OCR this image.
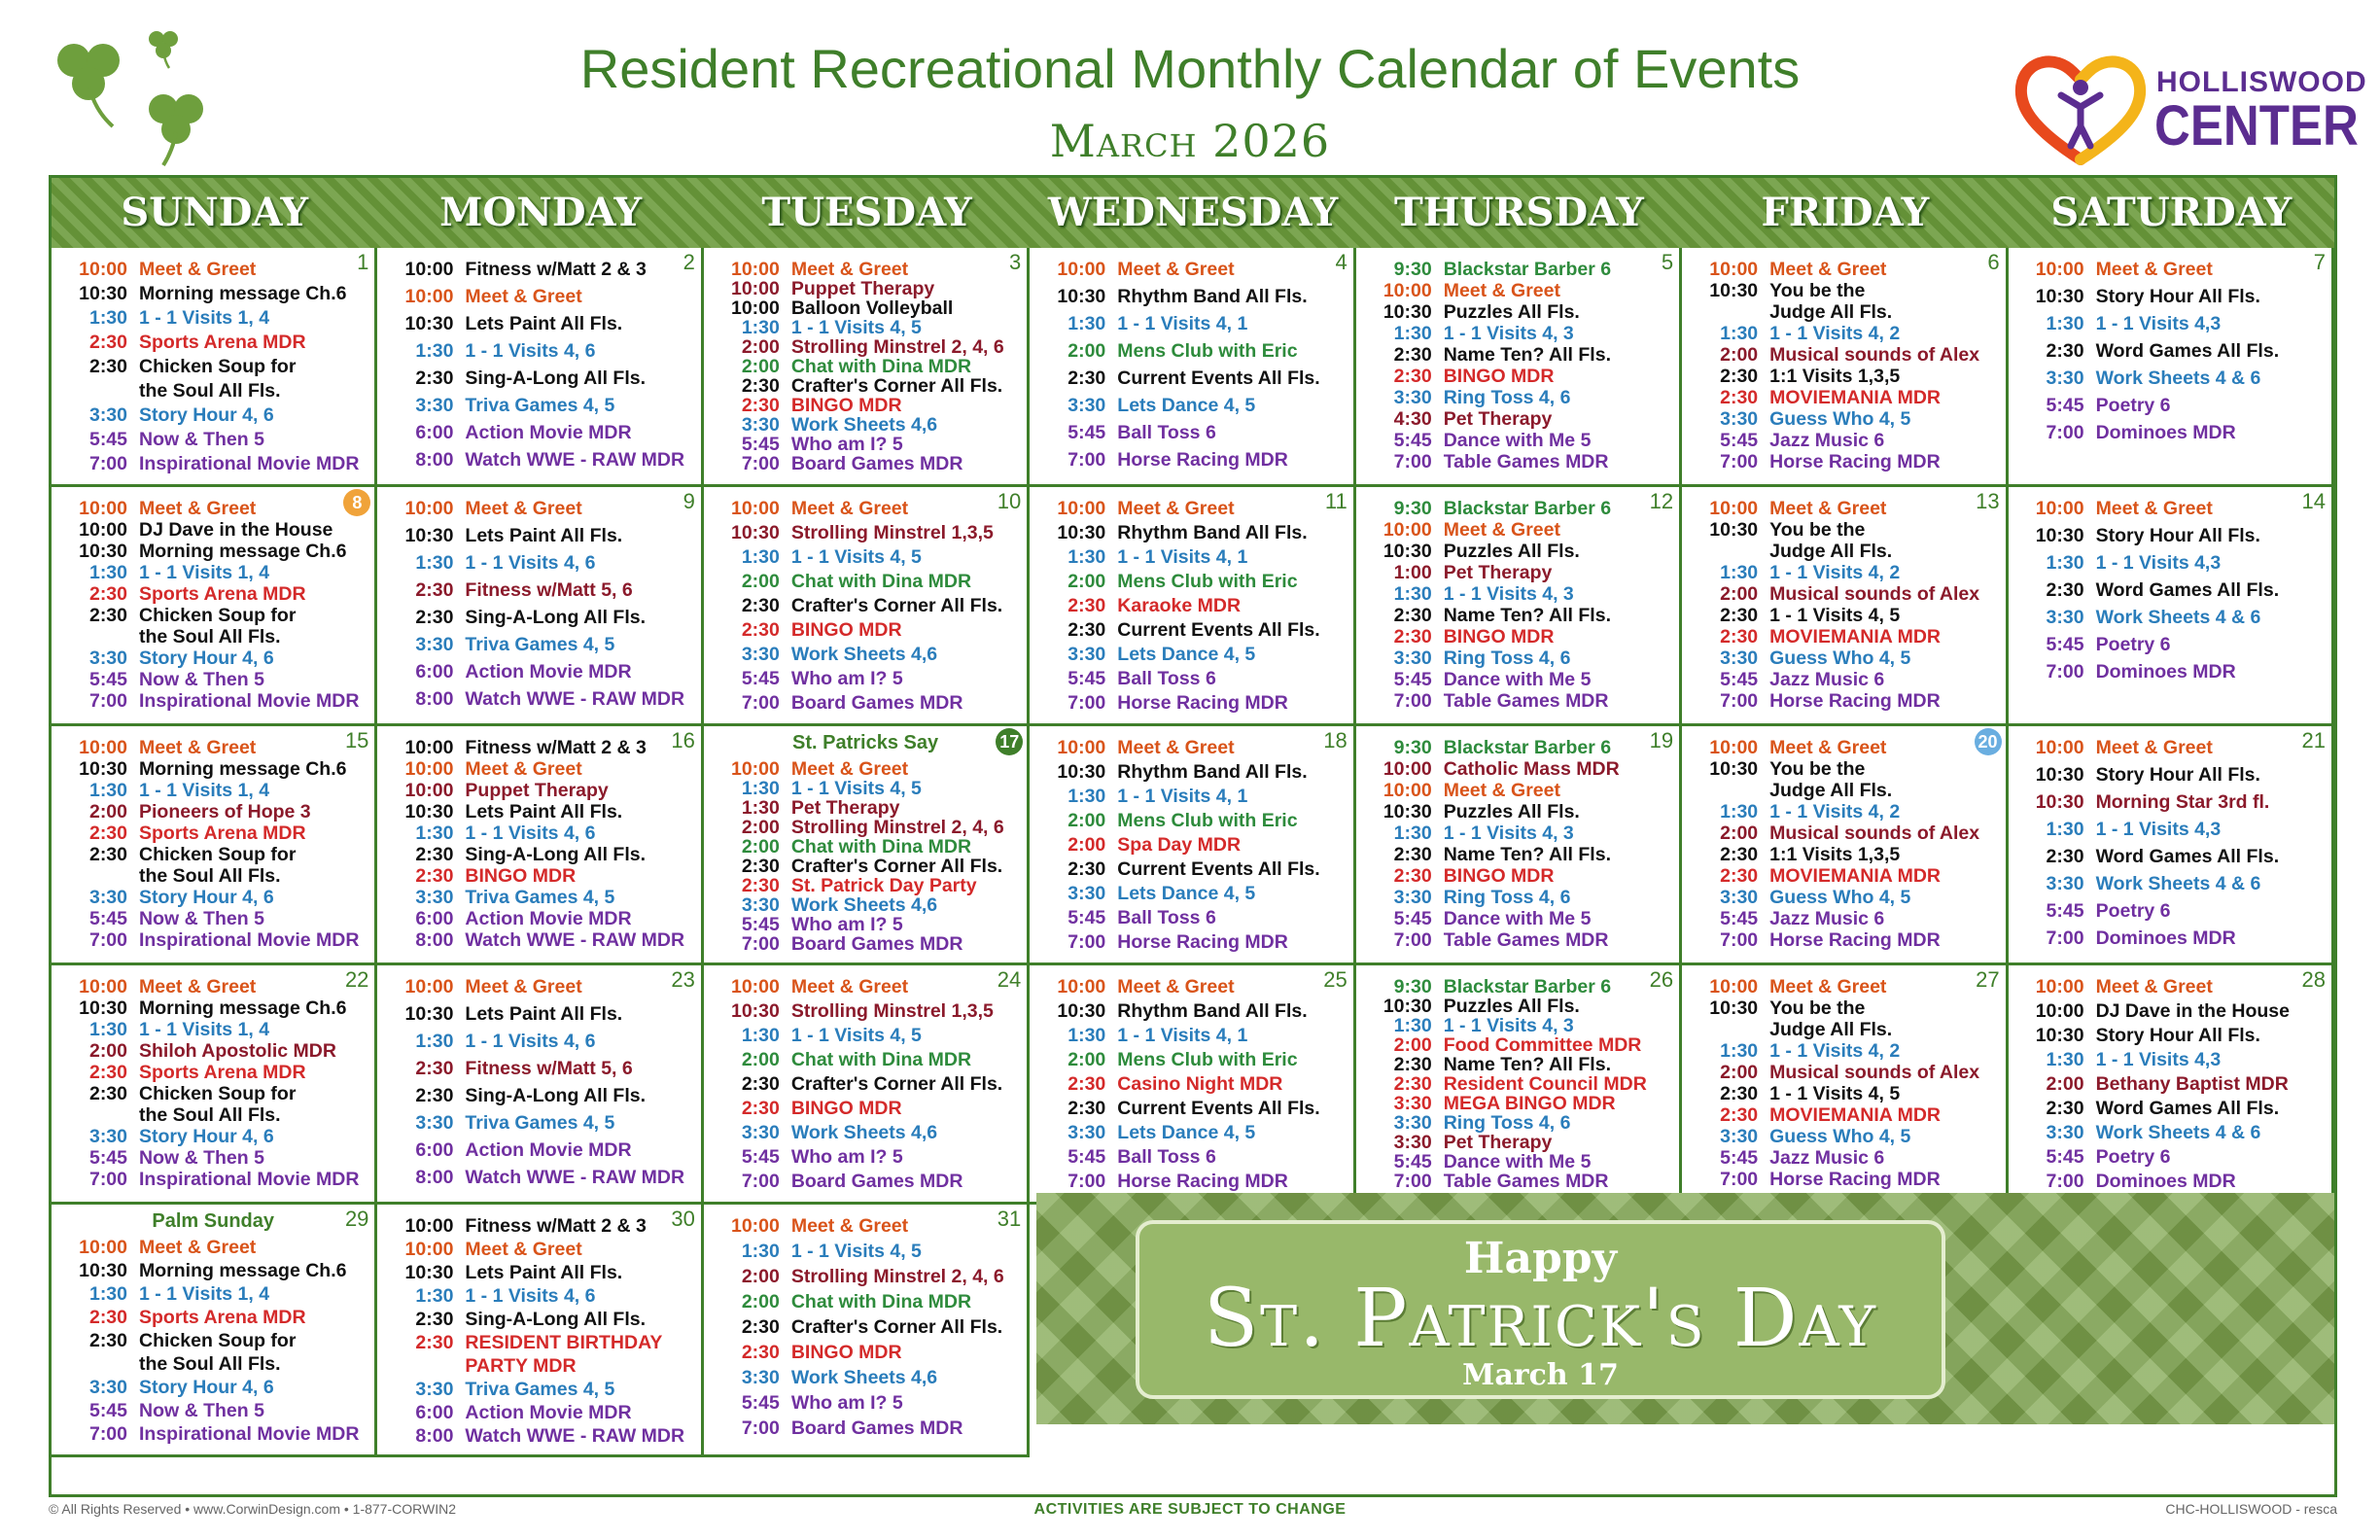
Resident Recreational Monthly Calendar of Events
March 2026
HOLLISWOOD
CENTER
SUNDAY	MONDAY	TUESDAY	WEDNESDAY	THURSDAY	FRIDAY	SATURDAY
1
10:00 Meet & Greet
10:30 Morning message Ch.6
1:30 1 - 1 Visits 1, 4
2:30 Sports Arena MDR
2:30 Chicken Soup for
the Soul All Fls.
3:30 Story Hour 4, 6
5:45 Now & Then 5
7:00 Inspirational Movie MDR
2
10:00 Fitness w/Matt 2 & 3
10:00 Meet & Greet
10:30 Lets Paint All Fls.
1:30 1 - 1 Visits 4, 6
2:30 Sing-A-Long All Fls.
3:30 Triva Games 4, 5
6:00 Action Movie MDR
8:00 Watch WWE - RAW MDR
3
10:00 Meet & Greet
10:00 Puppet Therapy
10:00 Balloon Volleyball
1:30 1 - 1 Visits 4, 5
2:00 Strolling Minstrel 2, 4, 6
2:00 Chat with Dina MDR
2:30 Crafter's Corner All Fls.
2:30 BINGO MDR
3:30 Work Sheets 4,6
5:45 Who am I? 5
7:00 Board Games MDR
4
10:00 Meet & Greet
10:30 Rhythm Band All Fls.
1:30 1 - 1 Visits 4, 1
2:00 Mens Club with Eric
2:30 Current Events All Fls.
3:30 Lets Dance 4, 5
5:45 Ball Toss 6
7:00 Horse Racing MDR
5
9:30 Blackstar Barber 6
10:00 Meet & Greet
10:30 Puzzles All Fls.
1:30 1 - 1 Visits 4, 3
2:30 Name Ten? All Fls.
2:30 BINGO MDR
3:30 Ring Toss 4, 6
4:30 Pet Therapy
5:45 Dance with Me 5
7:00 Table Games MDR
6
10:00 Meet & Greet
10:30 You be the
Judge All Fls.
1:30 1 - 1 Visits 4, 2
2:00 Musical sounds of Alex
2:30 1:1 Visits 1,3,5
2:30 MOVIEMANIA MDR
3:30 Guess Who 4, 5
5:45 Jazz Music 6
7:00 Horse Racing MDR
7
10:00 Meet & Greet
10:30 Story Hour All Fls.
1:30 1 - 1 Visits 4,3
2:30 Word Games All Fls.
3:30 Work Sheets 4 & 6
5:45 Poetry 6
7:00 Dominoes MDR
8
10:00 Meet & Greet
10:00 DJ Dave in the House
10:30 Morning message Ch.6
1:30 1 - 1 Visits 1, 4
2:30 Sports Arena MDR
2:30 Chicken Soup for
the Soul All Fls.
3:30 Story Hour 4, 6
5:45 Now & Then 5
7:00 Inspirational Movie MDR
9
10:00 Meet & Greet
10:30 Lets Paint All Fls.
1:30 1 - 1 Visits 4, 6
2:30 Fitness w/Matt 5, 6
2:30 Sing-A-Long All Fls.
3:30 Triva Games 4, 5
6:00 Action Movie MDR
8:00 Watch WWE - RAW MDR
10
10:00 Meet & Greet
10:30 Strolling Minstrel 1,3,5
1:30 1 - 1 Visits 4, 5
2:00 Chat with Dina MDR
2:30 Crafter's Corner All Fls.
2:30 BINGO MDR
3:30 Work Sheets 4,6
5:45 Who am I? 5
7:00 Board Games MDR
11
10:00 Meet & Greet
10:30 Rhythm Band All Fls.
1:30 1 - 1 Visits 4, 1
2:00 Mens Club with Eric
2:30 Karaoke MDR
2:30 Current Events All Fls.
3:30 Lets Dance 4, 5
5:45 Ball Toss 6
7:00 Horse Racing MDR
12
9:30 Blackstar Barber 6
10:00 Meet & Greet
10:30 Puzzles All Fls.
1:00 Pet Therapy
1:30 1 - 1 Visits 4, 3
2:30 Name Ten? All Fls.
2:30 BINGO MDR
3:30 Ring Toss 4, 6
5:45 Dance with Me 5
7:00 Table Games MDR
13
10:00 Meet & Greet
10:30 You be the
Judge All Fls.
1:30 1 - 1 Visits 4, 2
2:00 Musical sounds of Alex
2:30 1 - 1 Visits 4, 5
2:30 MOVIEMANIA MDR
3:30 Guess Who 4, 5
5:45 Jazz Music 6
7:00 Horse Racing MDR
14
10:00 Meet & Greet
10:30 Story Hour All Fls.
1:30 1 - 1 Visits 4,3
2:30 Word Games All Fls.
3:30 Work Sheets 4 & 6
5:45 Poetry 6
7:00 Dominoes MDR
15
10:00 Meet & Greet
10:30 Morning message Ch.6
1:30 1 - 1 Visits 1, 4
2:00 Pioneers of Hope 3
2:30 Sports Arena MDR
2:30 Chicken Soup for
the Soul All Fls.
3:30 Story Hour 4, 6
5:45 Now & Then 5
7:00 Inspirational Movie MDR
16
10:00 Fitness w/Matt 2 & 3
10:00 Meet & Greet
10:00 Puppet Therapy
10:30 Lets Paint All Fls.
1:30 1 - 1 Visits 4, 6
2:30 Sing-A-Long All Fls.
2:30 BINGO MDR
3:30 Triva Games 4, 5
6:00 Action Movie MDR
8:00 Watch WWE - RAW MDR
17
St. Patricks Say
10:00 Meet & Greet
1:30 1 - 1 Visits 4, 5
1:30 Pet Therapy
2:00 Strolling Minstrel 2, 4, 6
2:00 Chat with Dina MDR
2:30 Crafter's Corner All Fls.
2:30 St. Patrick Day Party
3:30 Work Sheets 4,6
5:45 Who am I? 5
7:00 Board Games MDR
18
10:00 Meet & Greet
10:30 Rhythm Band All Fls.
1:30 1 - 1 Visits 4, 1
2:00 Mens Club with Eric
2:00 Spa Day MDR
2:30 Current Events All Fls.
3:30 Lets Dance 4, 5
5:45 Ball Toss 6
7:00 Horse Racing MDR
19
9:30 Blackstar Barber 6
10:00 Catholic Mass MDR
10:00 Meet & Greet
10:30 Puzzles All Fls.
1:30 1 - 1 Visits 4, 3
2:30 Name Ten? All Fls.
2:30 BINGO MDR
3:30 Ring Toss 4, 6
5:45 Dance with Me 5
7:00 Table Games MDR
20
10:00 Meet & Greet
10:30 You be the
Judge All Fls.
1:30 1 - 1 Visits 4, 2
2:00 Musical sounds of Alex
2:30 1:1 Visits 1,3,5
2:30 MOVIEMANIA MDR
3:30 Guess Who 4, 5
5:45 Jazz Music 6
7:00 Horse Racing MDR
21
10:00 Meet & Greet
10:30 Story Hour All Fls.
10:30 Morning Star 3rd fl.
1:30 1 - 1 Visits 4,3
2:30 Word Games All Fls.
3:30 Work Sheets 4 & 6
5:45 Poetry 6
7:00 Dominoes MDR
22
10:00 Meet & Greet
10:30 Morning message Ch.6
1:30 1 - 1 Visits 1, 4
2:00 Shiloh Apostolic MDR
2:30 Sports Arena MDR
2:30 Chicken Soup for
the Soul All Fls.
3:30 Story Hour 4, 6
5:45 Now & Then 5
7:00 Inspirational Movie MDR
23
10:00 Meet & Greet
10:30 Lets Paint All Fls.
1:30 1 - 1 Visits 4, 6
2:30 Fitness w/Matt 5, 6
2:30 Sing-A-Long All Fls.
3:30 Triva Games 4, 5
6:00 Action Movie MDR
8:00 Watch WWE - RAW MDR
24
10:00 Meet & Greet
10:30 Strolling Minstrel 1,3,5
1:30 1 - 1 Visits 4, 5
2:00 Chat with Dina MDR
2:30 Crafter's Corner All Fls.
2:30 BINGO MDR
3:30 Work Sheets 4,6
5:45 Who am I? 5
7:00 Board Games MDR
25
10:00 Meet & Greet
10:30 Rhythm Band All Fls.
1:30 1 - 1 Visits 4, 1
2:00 Mens Club with Eric
2:30 Casino Night MDR
2:30 Current Events All Fls.
3:30 Lets Dance 4, 5
5:45 Ball Toss 6
7:00 Horse Racing MDR
26
9:30 Blackstar Barber 6
10:30 Puzzles All Fls.
1:30 1 - 1 Visits 4, 3
2:00 Food Committee MDR
2:30 Name Ten? All Fls.
2:30 Resident Council MDR
3:30 MEGA BINGO MDR
3:30 Ring Toss 4, 6
3:30 Pet Therapy
5:45 Dance with Me 5
7:00 Table Games MDR
27
10:00 Meet & Greet
10:30 You be the
Judge All Fls.
1:30 1 - 1 Visits 4, 2
2:00 Musical sounds of Alex
2:30 1 - 1 Visits 4, 5
2:30 MOVIEMANIA MDR
3:30 Guess Who 4, 5
5:45 Jazz Music 6
7:00 Horse Racing MDR
28
10:00 Meet & Greet
10:00 DJ Dave in the House
10:30 Story Hour All Fls.
1:30 1 - 1 Visits 4,3
2:00 Bethany Baptist MDR
2:30 Word Games All Fls.
3:30 Work Sheets 4 & 6
5:45 Poetry 6
7:00 Dominoes MDR
29
Palm Sunday
10:00 Meet & Greet
10:30 Morning message Ch.6
1:30 1 - 1 Visits 1, 4
2:30 Sports Arena MDR
2:30 Chicken Soup for
the Soul All Fls.
3:30 Story Hour 4, 6
5:45 Now & Then 5
7:00 Inspirational Movie MDR
30
10:00 Fitness w/Matt 2 & 3
10:00 Meet & Greet
10:30 Lets Paint All Fls.
1:30 1 - 1 Visits 4, 6
2:30 Sing-A-Long All Fls.
2:30 RESIDENT BIRTHDAY
PARTY MDR
3:30 Triva Games 4, 5
6:00 Action Movie MDR
8:00 Watch WWE - RAW MDR
31
10:00 Meet & Greet
1:30 1 - 1 Visits 4, 5
2:00 Strolling Minstrel 2, 4, 6
2:00 Chat with Dina MDR
2:30 Crafter's Corner All Fls.
2:30 BINGO MDR
3:30 Work Sheets 4,6
5:45 Who am I? 5
7:00 Board Games MDR
Happy
St. Patrick's Day
March 17
© All Rights Reserved • www.CorwinDesign.com • 1-877-CORWIN2	ACTIVITIES ARE SUBJECT TO CHANGE	CHC-HOLLISWOOD - resca
